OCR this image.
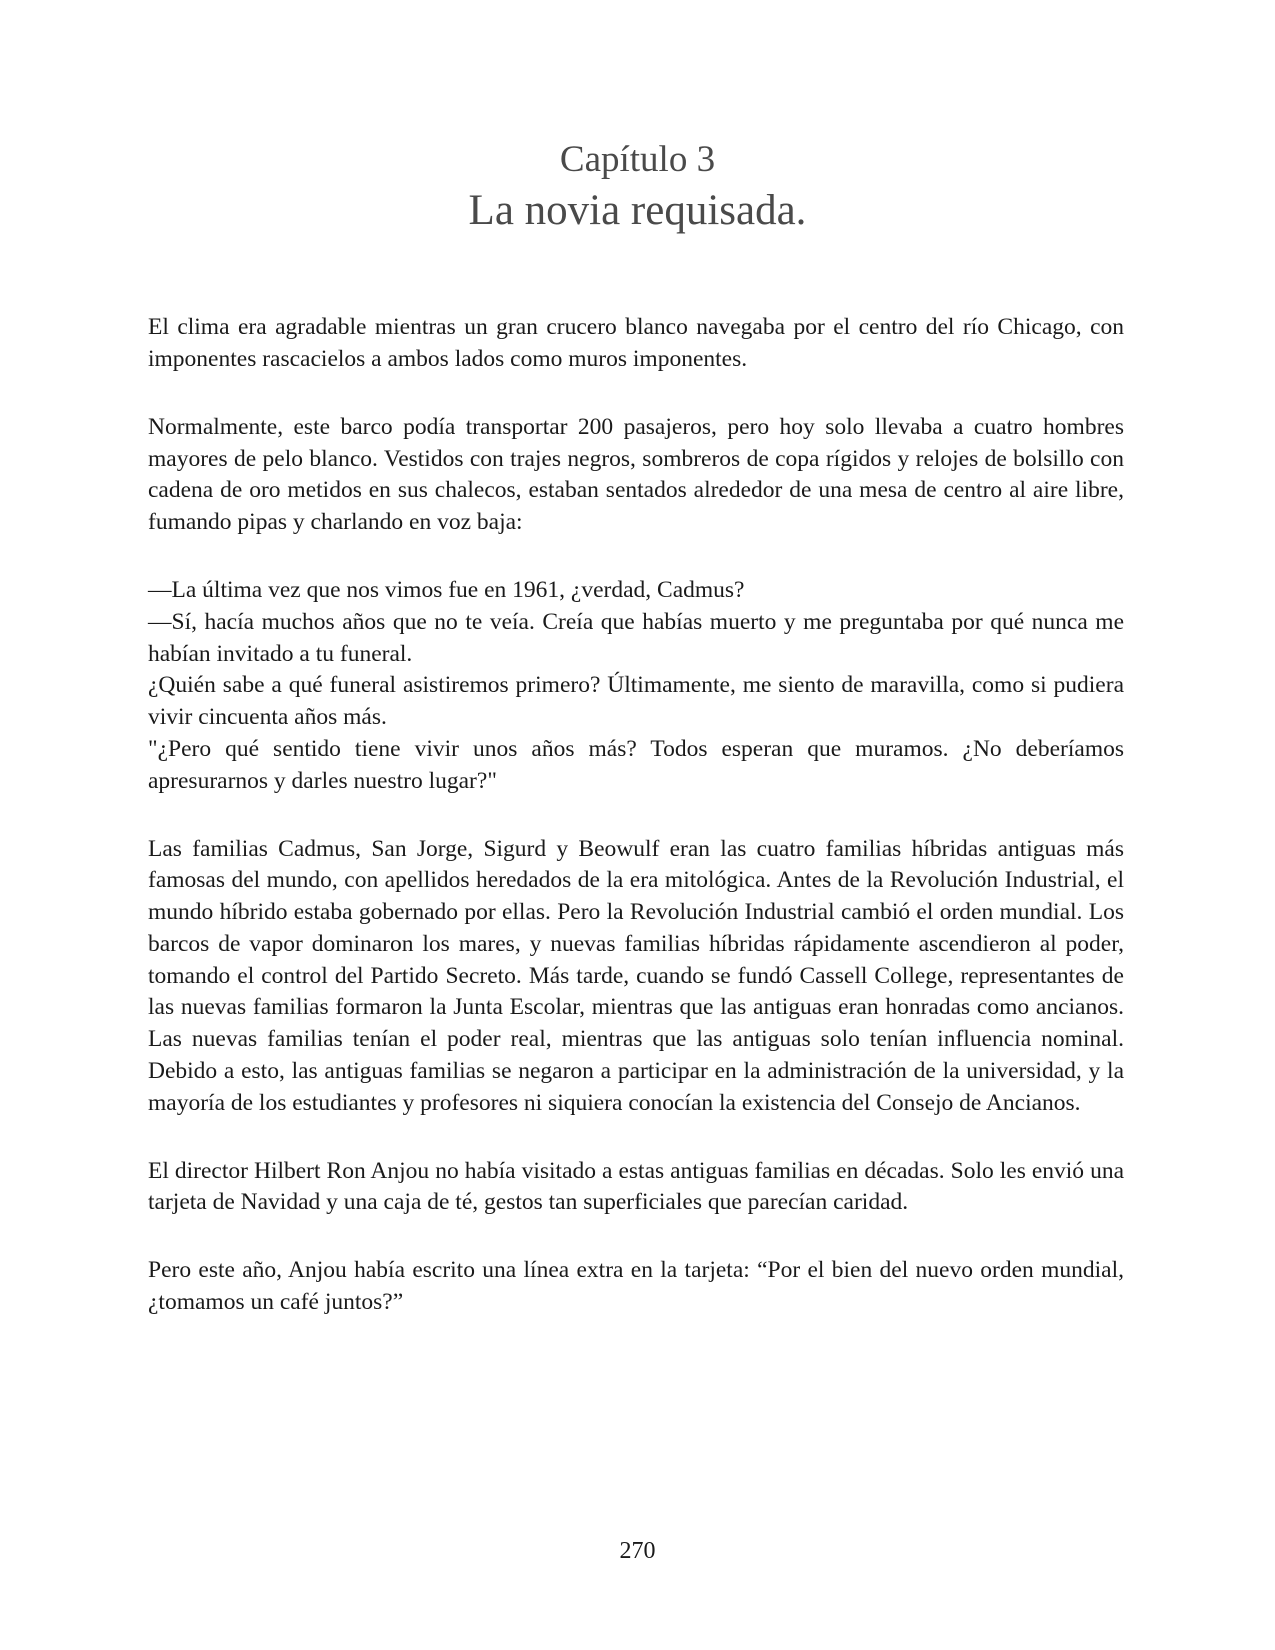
Capítulo 3
La novia requisada.

El clima era agradable mientras un gran crucero blanco navegaba por el centro del río Chicago, con imponentes rascacielos a ambos lados como muros imponentes.

Normalmente, este barco podía transportar 200 pasajeros, pero hoy solo llevaba a cuatro hombres mayores de pelo blanco. Vestidos con trajes negros, sombreros de copa rígidos y relojes de bolsillo con cadena de oro metidos en sus chalecos, estaban sentados alrededor de una mesa de centro al aire libre, fumando pipas y charlando en voz baja:

—La última vez que nos vimos fue en 1961, ¿verdad, Cadmus?

—Sí, hacía muchos años que no te veía. Creía que habías muerto y me preguntaba por qué nunca me habían invitado a tu funeral.

¿Quién sabe a qué funeral asistiremos primero? Últimamente, me siento de maravilla, como si pudiera vivir cincuenta años más.

"¿Pero qué sentido tiene vivir unos años más? Todos esperan que muramos. ¿No deberíamos apresurarnos y darles nuestro lugar?"

Las familias Cadmus, San Jorge, Sigurd y Beowulf eran las cuatro familias híbridas antiguas más famosas del mundo, con apellidos heredados de la era mitológica. Antes de la Revolución Industrial, el mundo híbrido estaba gobernado por ellas. Pero la Revolución Industrial cambió el orden mundial. Los barcos de vapor dominaron los mares, y nuevas familias híbridas rápidamente ascendieron al poder, tomando el control del Partido Secreto. Más tarde, cuando se fundó Cassell College, representantes de las nuevas familias formaron la Junta Escolar, mientras que las antiguas eran honradas como ancianos. Las nuevas familias tenían el poder real, mientras que las antiguas solo tenían influencia nominal. Debido a esto, las antiguas familias se negaron a participar en la administración de la universidad, y la mayoría de los estudiantes y profesores ni siquiera conocían la existencia del Consejo de Ancianos.

El director Hilbert Ron Anjou no había visitado a estas antiguas familias en décadas. Solo les envió una tarjeta de Navidad y una caja de té, gestos tan superficiales que parecían caridad.

Pero este año, Anjou había escrito una línea extra en la tarjeta: “Por el bien del nuevo orden mundial, ¿tomamos un café juntos?”

270
